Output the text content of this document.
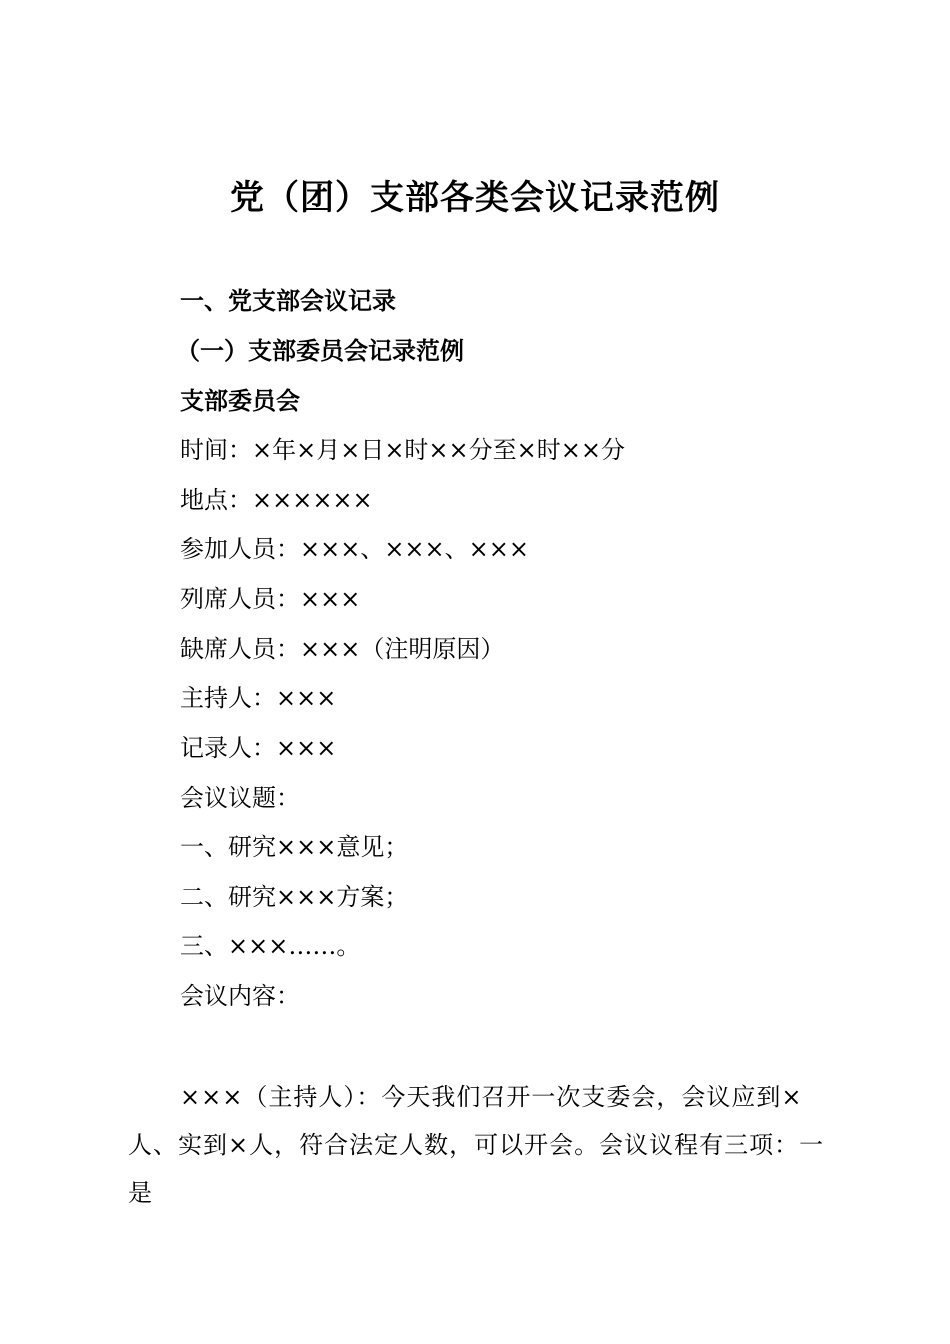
党（团）支部各类会议记录范例
一、党支部会议记录
（一）支部委员会记录范例
支部委员会
时间：×年×月×日×时××分至×时××分
地点：××××××
参加人员：×××、×××、×××
列席人员：×××
缺席人员：×××（注明原因）
主持人：×××
记录人：×××
会议议题：
一、研究×××意见；
二、研究×××方案；
三、×××……。
会议内容：
×××（主持人）：今天我们召开一次支委会，会议应到×人、实到×人，符合法定人数，可以开会。会议议程有三项：一是
